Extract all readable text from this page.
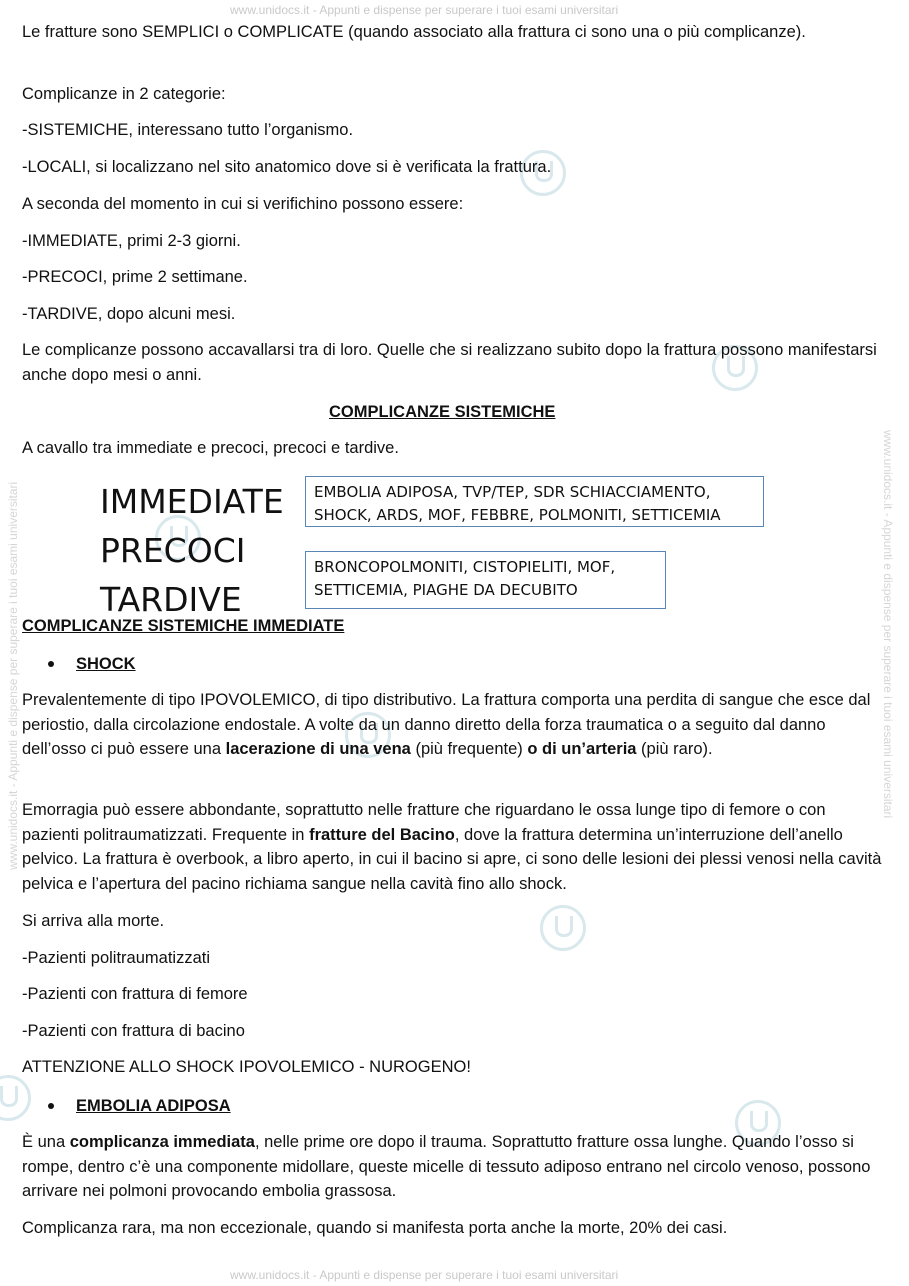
www.unidocs.it - Appunti e dispense per superare i tuoi esami universitari
www.unidocs.it - Appunti e dispense per superare i tuoi esami universitari
www.unidocs.it - Appunti e dispense per superare i tuoi esami universitari
www.unidocs.it - Appunti e dispense per superare i tuoi esami universitari

Le fratture sono SEMPLICI o COMPLICATE (quando associato alla frattura ci sono una o più complicanze).

Complicanze in 2 categorie:

-SISTEMICHE, interessano tutto l’organismo.

-LOCALI, si localizzano nel sito anatomico dove si è verificata la frattura.

A seconda del momento in cui si verifichino possono essere:

-IMMEDIATE, primi 2-3 giorni.

-PRECOCI, prime 2 settimane.

-TARDIVE, dopo alcuni mesi.

Le complicanze possono accavallarsi tra di loro. Quelle che si realizzano subito dopo la frattura possono manifestarsi anche dopo mesi o anni.

COMPLICANZE SISTEMICHE

A cavallo tra immediate e precoci, precoci e tardive.

IMMEDIATE
PRECOCI
TARDIVE
EMBOLIA ADIPOSA, TVP/TEP, SDR SCHIACCIAMENTO, SHOCK, ARDS, MOF, FEBBRE, POLMONITI, SETTICEMIA
BRONCOPOLMONITI, CISTOPIELITI, MOF, SETTICEMIA, PIAGHE DA DECUBITO
COMPLICANZE SISTEMICHE IMMEDIATE
SHOCK

Prevalentemente di tipo IPOVOLEMICO, di tipo distributivo. La frattura comporta una perdita di sangue che esce dal periostio, dalla circolazione endostale. A volte da un danno diretto della forza traumatica o a seguito dal danno dell’osso ci può essere una lacerazione di una vena (più frequente) o di un’arteria (più raro).

Emorragia può essere abbondante, soprattutto nelle fratture che riguardano le ossa lunge tipo di femore o con pazienti politraumatizzati. Frequente in fratture del Bacino, dove la frattura determina un’interruzione dell’anello pelvico. La frattura è overbook, a libro aperto, in cui il bacino si apre, ci sono delle lesioni dei plessi venosi nella cavità pelvica e l’apertura del pacino richiama sangue nella cavità fino allo shock.

Si arriva alla morte.

-Pazienti politraumatizzati

-Pazienti con frattura di femore

-Pazienti con frattura di bacino

ATTENZIONE ALLO SHOCK IPOVOLEMICO - NUROGENO!

EMBOLIA ADIPOSA

È una complicanza immediata, nelle prime ore dopo il trauma. Soprattutto fratture ossa lunghe. Quando l’osso si rompe, dentro c’è una componente midollare, queste micelle di tessuto adiposo entrano nel circolo venoso, possono arrivare nei polmoni provocando embolia grassosa.

Complicanza rara, ma non eccezionale, quando si manifesta porta anche la morte, 20% dei casi.
